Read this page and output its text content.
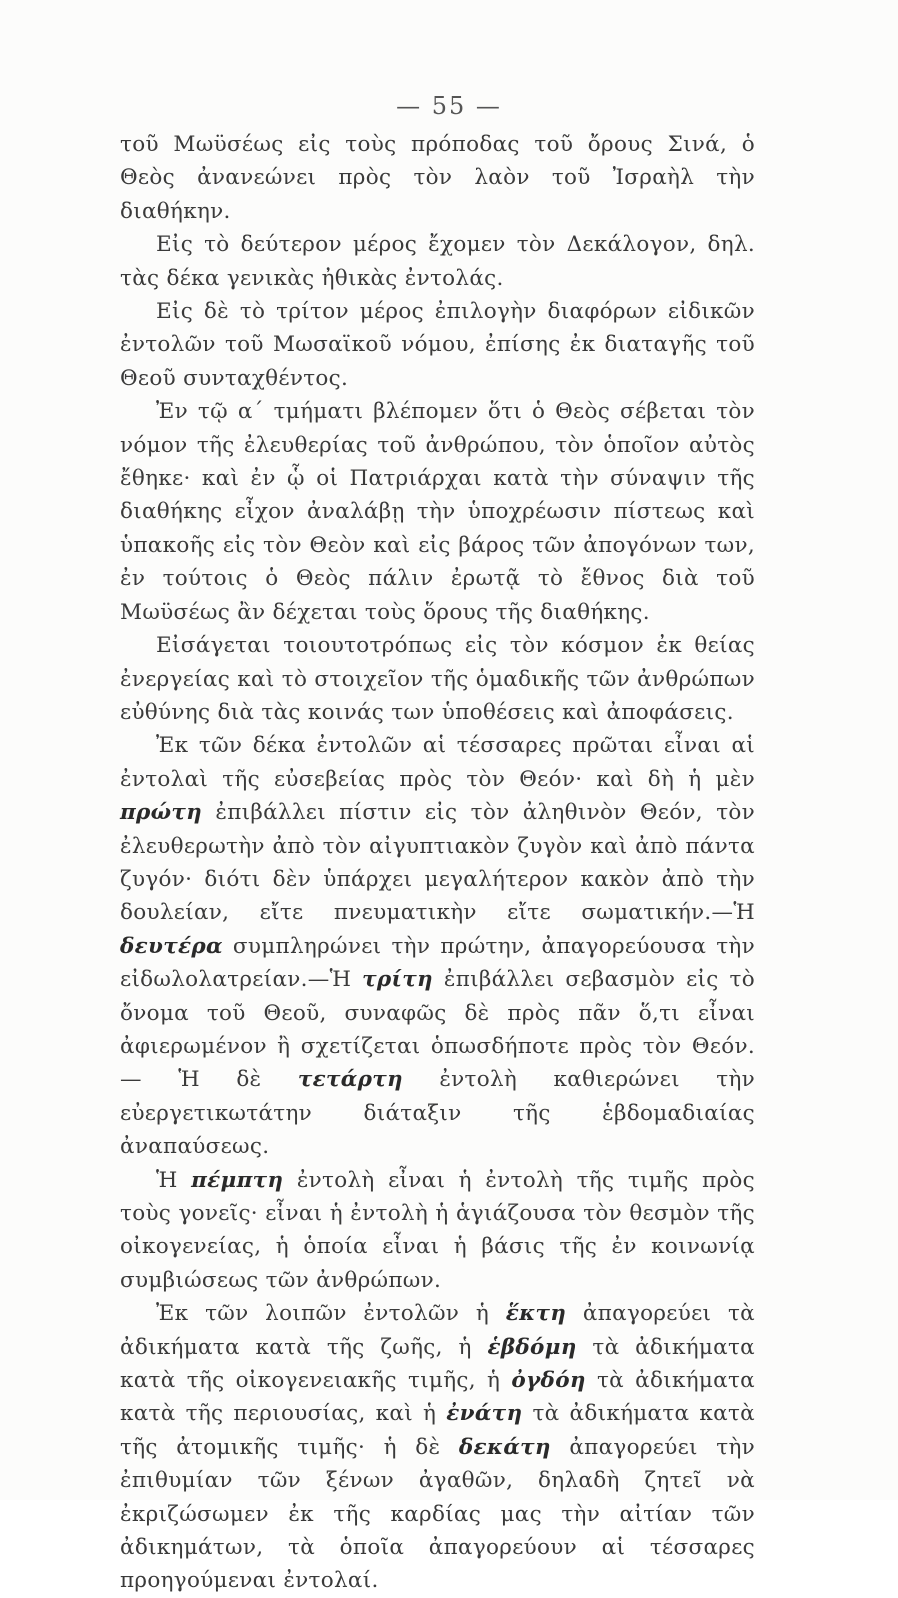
— 55 —

τοῦ Μωϋσέως εἰς τοὺς πρόποδας τοῦ ὄρους Σινά, ὁ Θεὸς ἀνανεώνει πρὸς τὸν λαὸν τοῦ Ἰσραὴλ τὴν διαθήκην.

Εἰς τὸ δεύτερον μέρος ἔχομεν τὸν Δεκάλογον, δηλ. τὰς δέκα γενικὰς ἠθικὰς ἐντολάς.

Εἰς δὲ τὸ τρίτον μέρος ἐπιλογὴν διαφόρων εἰδικῶν ἐντολῶν τοῦ Μωσαϊκοῦ νόμου, ἐπίσης ἐκ διαταγῆς τοῦ Θεοῦ συνταχθέντος.

Ἐν τῷ α΄ τμήματι βλέπομεν ὅτι ὁ Θεὸς σέβεται τὸν νόμον τῆς ἐλευθερίας τοῦ ἀνθρώπου, τὸν ὁποῖον αὐτὸς ἔθηκε· καὶ ἐν ᾧ οἱ Πατριάρχαι κατὰ τὴν σύναψιν τῆς διαθήκης εἶχον ἀναλάβῃ τὴν ὑποχρέωσιν πίστεως καὶ ὑπακοῆς εἰς τὸν Θεὸν καὶ εἰς βάρος τῶν ἀπογόνων των, ἐν τούτοις ὁ Θεὸς πάλιν ἐρωτᾷ τὸ ἔθνος διὰ τοῦ Μωϋσέως ἂν δέχεται τοὺς ὅρους τῆς διαθήκης.

Εἰσάγεται τοιουτοτρόπως εἰς τὸν κόσμον ἐκ θείας ἐνεργείας καὶ τὸ στοιχεῖον τῆς ὁμαδικῆς τῶν ἀνθρώπων εὐθύνης διὰ τὰς κοινάς των ὑποθέσεις καὶ ἀποφάσεις.

Ἐκ τῶν δέκα ἐντολῶν αἱ τέσσαρες πρῶται εἶναι αἱ ἐντολαὶ τῆς εὐσεβείας πρὸς τὸν Θεόν· καὶ δὴ ἡ μὲν πρώτη ἐπιβάλλει πίστιν εἰς τὸν ἀληθινὸν Θεόν, τὸν ἐλευθερωτὴν ἀπὸ τὸν αἰγυπτιακὸν ζυγὸν καὶ ἀπὸ πάντα ζυγόν· διότι δὲν ὑπάρχει μεγαλήτερον κακὸν ἀπὸ τὴν δουλείαν, εἴτε πνευματικὴν εἴτε σωματικήν.—Ἡ δευτέρα συμπληρώνει τὴν πρώτην, ἀπαγορεύουσα τὴν εἰδωλολατρείαν.—Ἡ τρίτη ἐπιβάλλει σεβασμὸν εἰς τὸ ὄνομα τοῦ Θεοῦ, συναφῶς δὲ πρὸς πᾶν ὅ,τι εἶναι ἀφιερωμένον ἢ σχετίζεται ὁπωσδήποτε πρὸς τὸν Θεόν.— Ἡ δὲ τετάρτη ἐντολὴ καθιερώνει τὴν εὐεργετικωτάτην διάταξιν τῆς ἑβδομαδιαίας ἀναπαύσεως.

Ἡ πέμπτη ἐντολὴ εἶναι ἡ ἐντολὴ τῆς τιμῆς πρὸς τοὺς γονεῖς· εἶναι ἡ ἐντολὴ ἡ ἁγιάζουσα τὸν θεσμὸν τῆς οἰκογενείας, ἡ ὁποία εἶναι ἡ βάσις τῆς ἐν κοινωνίᾳ συμβιώσεως τῶν ἀνθρώπων.

Ἐκ τῶν λοιπῶν ἐντολῶν ἡ ἕκτη ἀπαγορεύει τὰ ἀδικήματα κατὰ τῆς ζωῆς, ἡ ἑβδόμη τὰ ἀδικήματα κατὰ τῆς οἰκογενειακῆς τιμῆς, ἡ ὀγδόη τὰ ἀδικήματα κατὰ τῆς περιουσίας, καὶ ἡ ἐνάτη τὰ ἀδικήματα κατὰ τῆς ἀτομικῆς τιμῆς· ἡ δὲ δεκάτη ἀπαγορεύει τὴν ἐπιθυμίαν τῶν ξένων ἀγαθῶν, δηλαδὴ ζητεῖ νὰ ἐκριζώσωμεν ἐκ τῆς καρδίας μας τὴν αἰτίαν τῶν ἀδικημάτων, τὰ ὁποῖα ἀπαγορεύουν αἱ τέσσαρες προηγούμεναι ἐντολαί.
